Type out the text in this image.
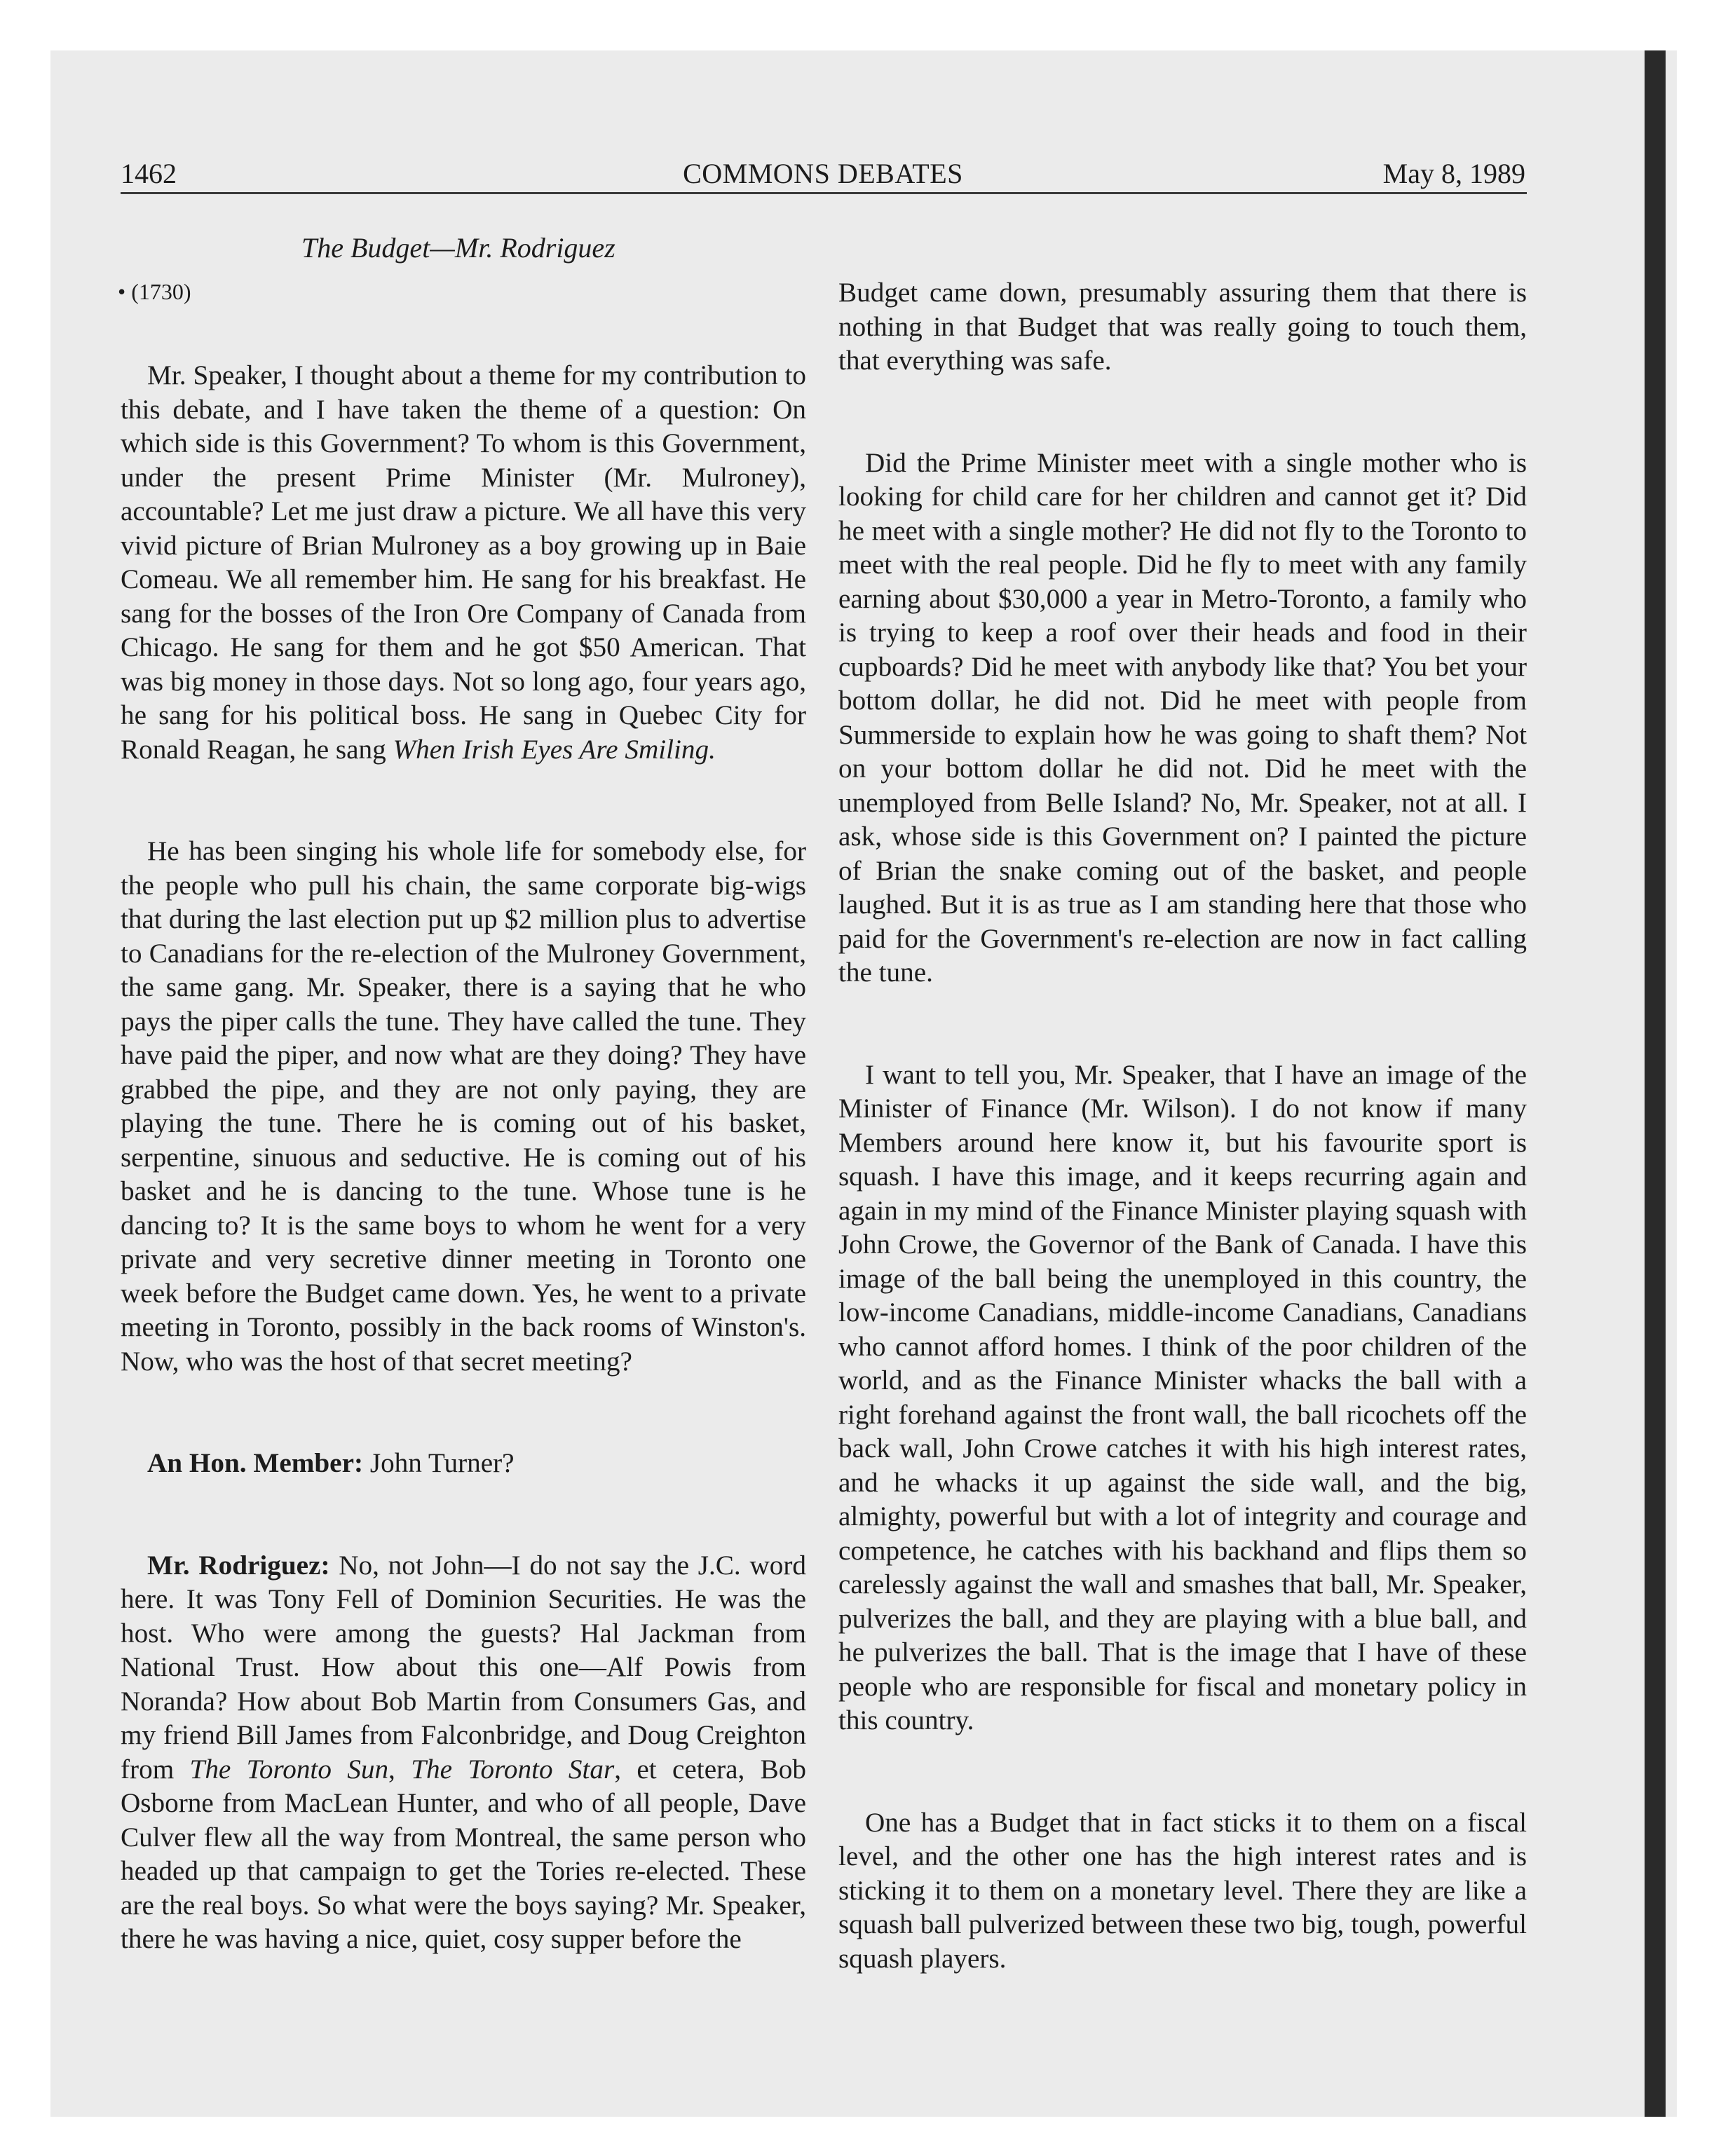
COMMONS DEBATES
1462	May 8, 1989
The Budget—Mr. Rodriguez
• (1730)

Mr. Speaker, I thought about a theme for my contribution to this debate, and I have taken the theme of a question: On which side is this Government? To whom is this Government, under the present Prime Minister (Mr. Mulroney), accountable? Let me just draw a picture. We all have this very vivid picture of Brian Mulroney as a boy growing up in Baie Comeau. We all remember him. He sang for his breakfast. He sang for the bosses of the Iron Ore Company of Canada from Chicago. He sang for them and he got $50 American. That was big money in those days. Not so long ago, four years ago, he sang for his political boss. He sang in Quebec City for Ronald Reagan, he sang When Irish Eyes Are Smiling.

He has been singing his whole life for somebody else, for the people who pull his chain, the same corporate big-wigs that during the last election put up $2 million plus to advertise to Canadians for the re-election of the Mulroney Government, the same gang. Mr. Speaker, there is a saying that he who pays the piper calls the tune. They have called the tune. They have paid the piper, and now what are they doing? They have grabbed the pipe, and they are not only paying, they are playing the tune. There he is coming out of his basket, serpentine, sinuous and seductive. He is coming out of his basket and he is dancing to the tune. Whose tune is he dancing to? It is the same boys to whom he went for a very private and very secretive dinner meeting in Toronto one week before the Budget came down. Yes, he went to a private meeting in Toronto, possibly in the back rooms of Winston's. Now, who was the host of that secret meeting?

An Hon. Member: John Turner?

Mr. Rodriguez: No, not John—I do not say the J.C. word here. It was Tony Fell of Dominion Securities. He was the host. Who were among the guests? Hal Jackman from National Trust. How about this one—Alf Powis from Noranda? How about Bob Martin from Consumers Gas, and my friend Bill James from Falconbridge, and Doug Creighton from The Toronto Sun, The Toronto Star, et cetera, Bob Osborne from MacLean Hunter, and who of all people, Dave Culver flew all the way from Montreal, the same person who headed up that campaign to get the Tories re-elected. These are the real boys. So what were the boys saying? Mr. Speaker, there he was having a nice, quiet, cosy supper before the

Budget came down, presumably assuring them that there is nothing in that Budget that was really going to touch them, that everything was safe.

Did the Prime Minister meet with a single mother who is looking for child care for her children and cannot get it? Did he meet with a single mother? He did not fly to the Toronto to meet with the real people. Did he fly to meet with any family earning about $30,000 a year in Metro-Toronto, a family who is trying to keep a roof over their heads and food in their cupboards? Did he meet with anybody like that? You bet your bottom dollar, he did not. Did he meet with people from Summerside to explain how he was going to shaft them? Not on your bottom dollar he did not. Did he meet with the unemployed from Belle Island? No, Mr. Speaker, not at all. I ask, whose side is this Government on? I painted the picture of Brian the snake coming out of the basket, and people laughed. But it is as true as I am standing here that those who paid for the Government's re-election are now in fact calling the tune.

I want to tell you, Mr. Speaker, that I have an image of the Minister of Finance (Mr. Wilson). I do not know if many Members around here know it, but his favourite sport is squash. I have this image, and it keeps recurring again and again in my mind of the Finance Minister playing squash with John Crowe, the Governor of the Bank of Canada. I have this image of the ball being the unemployed in this country, the low-income Canadians, middle-income Canadians, Canadians who cannot afford homes. I think of the poor children of the world, and as the Finance Minister whacks the ball with a right forehand against the front wall, the ball ricochets off the back wall, John Crowe catches it with his high interest rates, and he whacks it up against the side wall, and the big, almighty, powerful but with a lot of integrity and courage and competence, he catches with his backhand and flips them so carelessly against the wall and smashes that ball, Mr. Speaker, pulverizes the ball, and they are playing with a blue ball, and he pulverizes the ball. That is the image that I have of these people who are responsible for fiscal and monetary policy in this country.

One has a Budget that in fact sticks it to them on a fiscal level, and the other one has the high interest rates and is sticking it to them on a monetary level. There they are like a squash ball pulverized between these two big, tough, powerful squash players.
